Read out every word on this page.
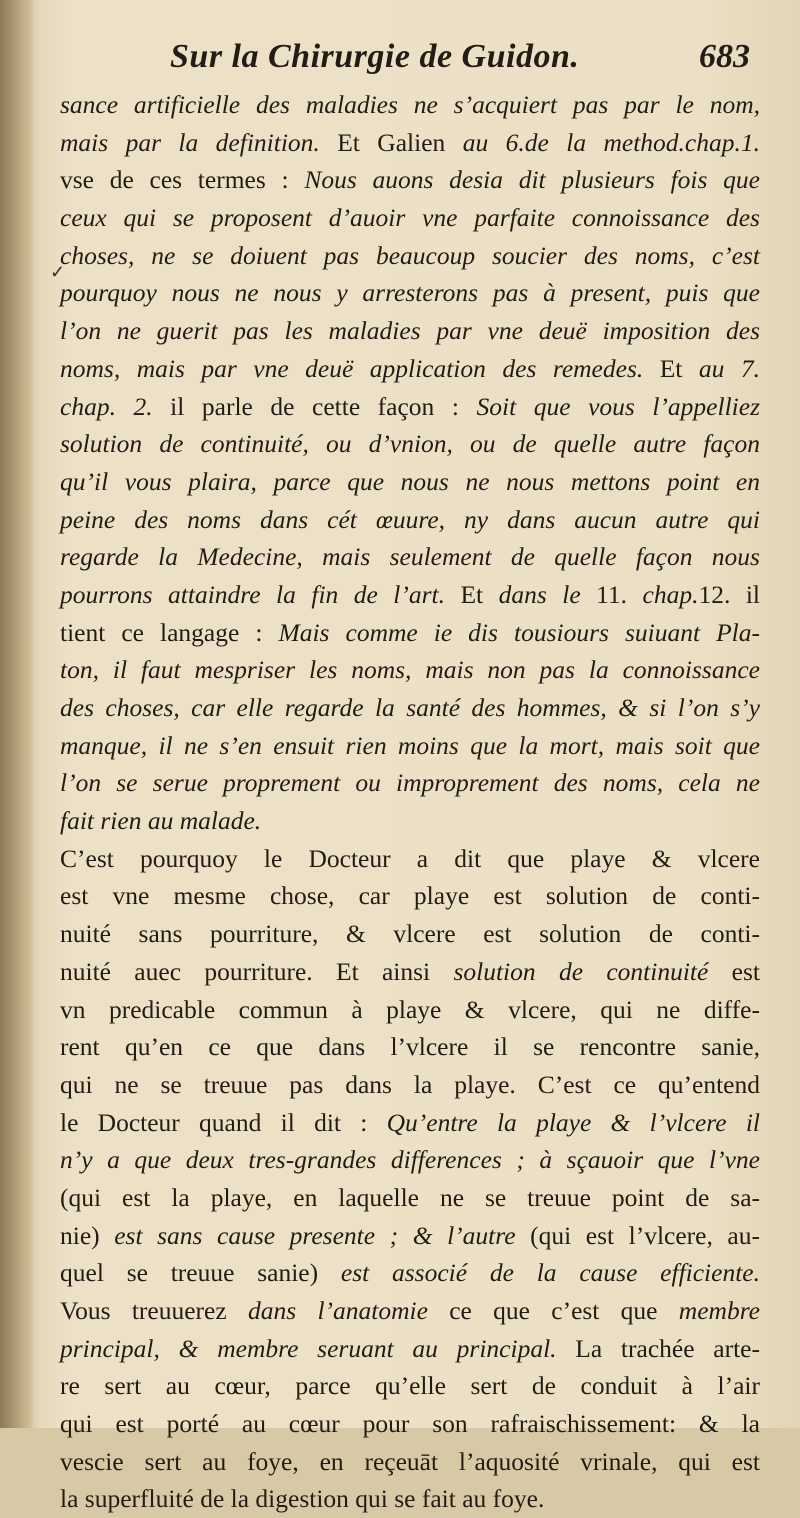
Sur la Chirurgie de Guidon.	683
✓
sance artificielle des maladies ne s’acquiert pas par le nom,
mais par la definition. Et Galien au 6.de la method.chap.1.
vse de ces termes : Nous auons desia dit plusieurs fois que
ceux qui se proposent d’auoir vne parfaite connoissance des
choses, ne se doiuent pas beaucoup soucier des noms, c’est
pourquoy nous ne nous y arresterons pas à present, puis que
l’on ne guerit pas les maladies par vne deuë imposition des
noms, mais par vne deuë application des remedes. Et au 7.
chap. 2. il parle de cette façon : Soit que vous l’appelliez
solution de continuité, ou d’vnion, ou de quelle autre façon
qu’il vous plaira, parce que nous ne nous mettons point en
peine des noms dans cét œuure, ny dans aucun autre qui
regarde la Medecine, mais seulement de quelle façon nous
pourrons attaindre la fin de l’art. Et dans le 11. chap.12. il
tient ce langage : Mais comme ie dis tousiours suiuant Pla-
ton, il faut mespriser les noms, mais non pas la connoissance
des choses, car elle regarde la santé des hommes, & si l’on s’y
manque, il ne s’en ensuit rien moins que la mort, mais soit que
l’on se serue proprement ou improprement des noms, cela ne
fait rien au malade.
C’est pourquoy le Docteur a dit que playe & vlcere
est vne mesme chose, car playe est solution de conti-
nuité sans pourriture, & vlcere est solution de conti-
nuité auec pourriture. Et ainsi solution de continuité est
vn predicable commun à playe & vlcere, qui ne diffe-
rent qu’en ce que dans l’vlcere il se rencontre sanie,
qui ne se treuue pas dans la playe. C’est ce qu’entend
le Docteur quand il dit : Qu’entre la playe & l’vlcere il
n’y a que deux tres-grandes differences ; à sçauoir que l’vne
(qui est la playe, en laquelle ne se treuue point de sa-
nie) est sans cause presente ; & l’autre (qui est l’vlcere, au-
quel se treuue sanie) est associé de la cause efficiente.
Vous treuuerez dans l’anatomie ce que c’est que membre
principal, & membre seruant au principal. La trachée arte-
re sert au cœur, parce qu’elle sert de conduit à l’air
qui est porté au cœur pour son rafraischissement: & la
vescie sert au foye, en reçeuāt l’aquosité vrinale, qui est
la superfluité de la digestion qui se fait au foye.
